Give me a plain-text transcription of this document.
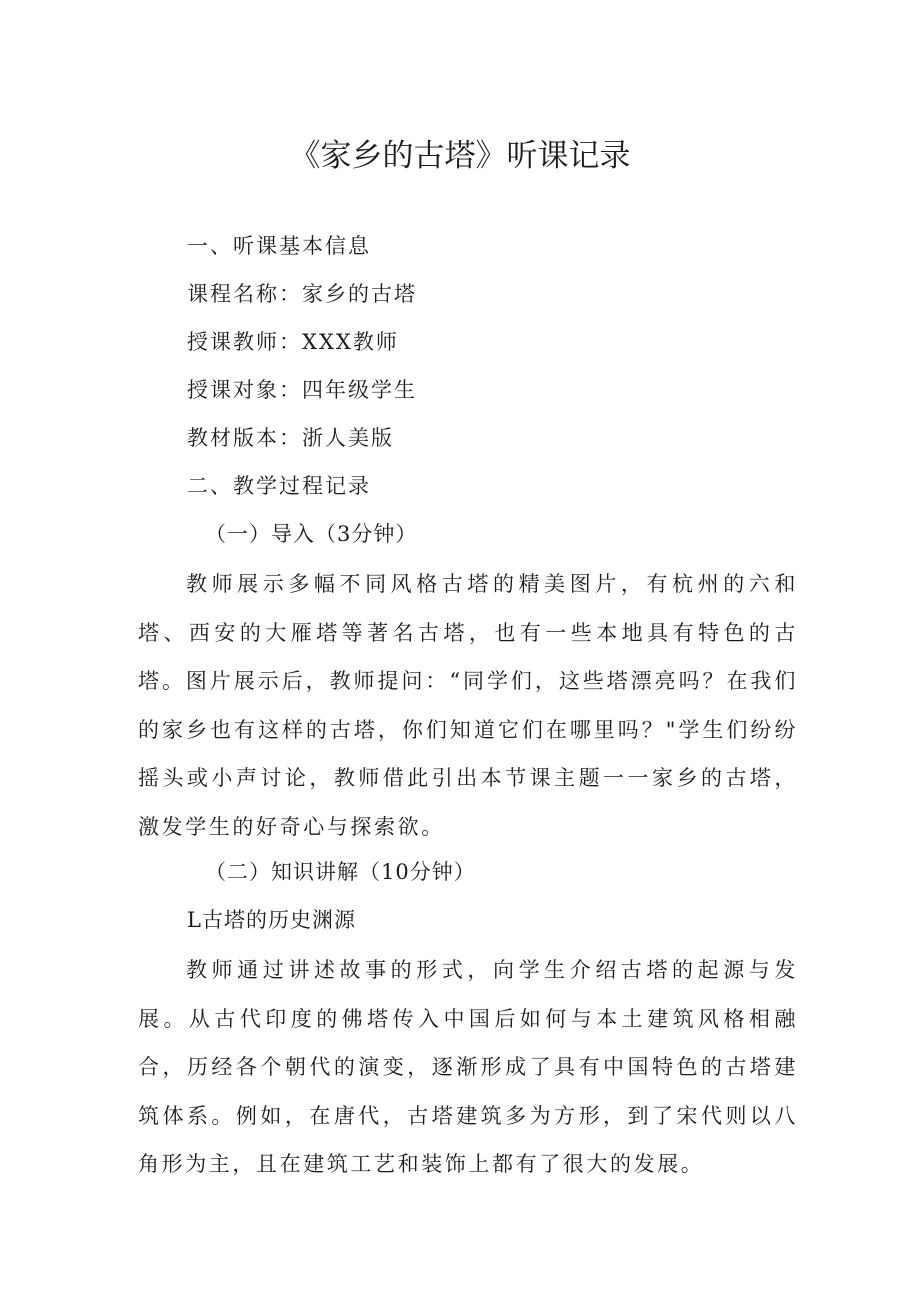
《家乡的古塔》听课记录
一、听课基本信息
课程名称：家乡的古塔
授课教师：XXX教师
授课对象：四年级学生
教材版本：浙人美版
二、教学过程记录
（一）导入（3分钟）

教师展示多幅不同风格古塔的精美图片，有杭州的六和塔、西安的大雁塔等著名古塔，也有一些本地具有特色的古塔。图片展示后，教师提问：“同学们，这些塔漂亮吗？在我们的家乡也有这样的古塔，你们知道它们在哪里吗？"学生们纷纷摇头或小声讨论，教师借此引出本节课主题一一家乡的古塔，激发学生的好奇心与探索欲。

（二）知识讲解（10分钟）
L古塔的历史渊源

教师通过讲述故事的形式，向学生介绍古塔的起源与发展。从古代印度的佛塔传入中国后如何与本土建筑风格相融合，历经各个朝代的演变，逐渐形成了具有中国特色的古塔建筑体系。例如，在唐代，古塔建筑多为方形，到了宋代则以八角形为主，且在建筑工艺和装饰上都有了很大的发展。
